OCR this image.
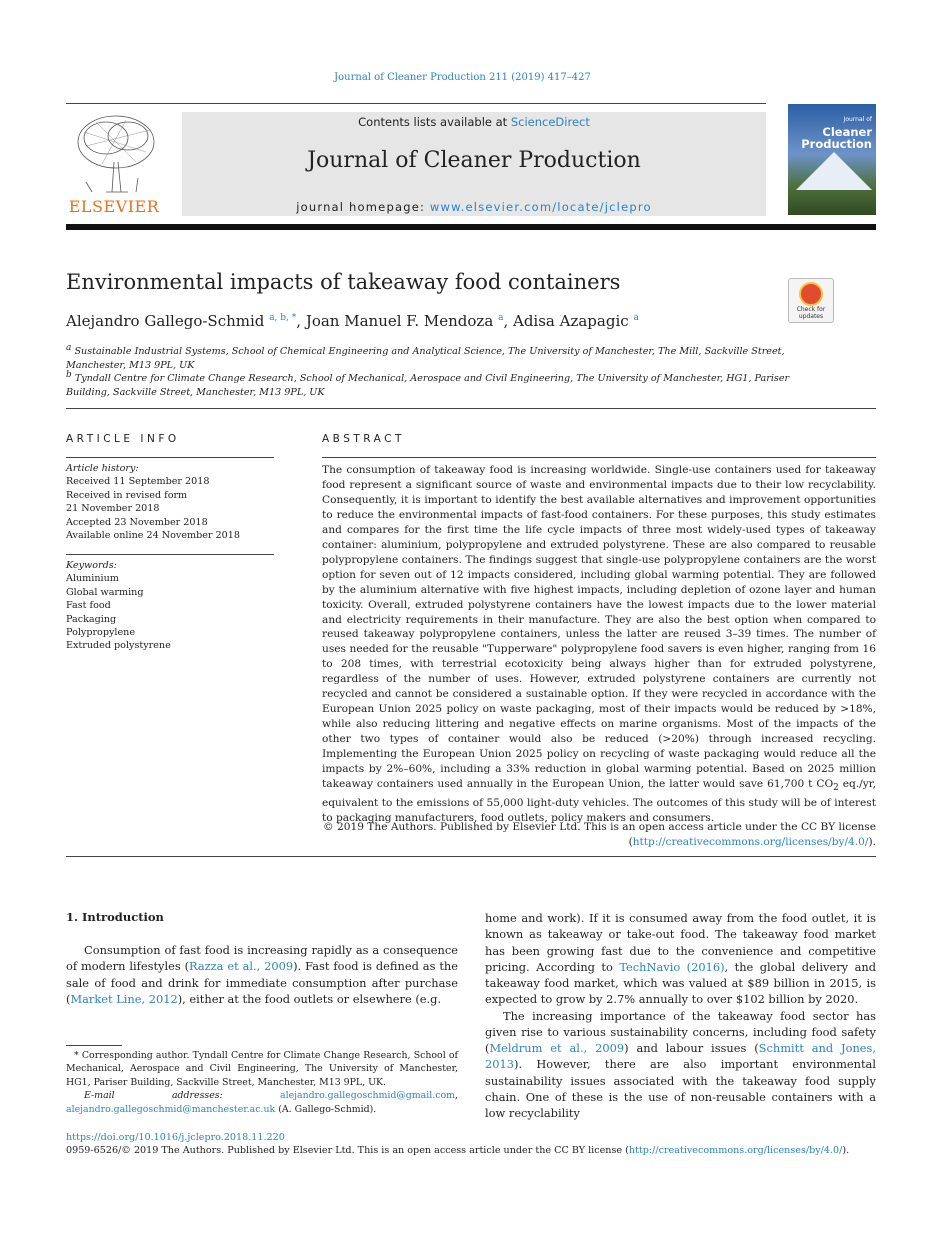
Journal of Cleaner Production 211 (2019) 417–427
ELSEVIER
Contents lists available at ScienceDirect
Journal of Cleaner Production
journal homepage: www.elsevier.com/locate/jclepro
Journal of
Cleaner
Production
Environmental impacts of takeaway food containers
Check for
updates
Alejandro Gallego-Schmid $^{a, b, *}$, Joan Manuel F. Mendoza $^a$, Adisa Azapagic $^a$
$^a$ Sustainable Industrial Systems, School of Chemical Engineering and Analytical Science, The University of Manchester, The Mill, Sackville Street, Manchester, M13 9PL, UK
$^b$ Tyndall Centre for Climate Change Research, School of Mechanical, Aerospace and Civil Engineering, The University of Manchester, HG1, Pariser Building, Sackville Street, Manchester, M13 9PL, UK
ARTICLE INFO
Article history:
Received 11 September 2018
Received in revised form
21 November 2018
Accepted 23 November 2018
Available online 24 November 2018
Keywords:
Aluminium
Global warming
Fast food
Packaging
Polypropylene
Extruded polystyrene
ABSTRACT
The consumption of takeaway food is increasing worldwide. Single-use containers used for takeaway food represent a significant source of waste and environmental impacts due to their low recyclability. Consequently, it is important to identify the best available alternatives and improvement opportunities to reduce the environmental impacts of fast-food containers. For these purposes, this study estimates and compares for the first time the life cycle impacts of three most widely-used types of takeaway container: aluminium, polypropylene and extruded polystyrene. These are also compared to reusable polypropylene containers. The findings suggest that single-use polypropylene containers are the worst option for seven out of 12 impacts considered, including global warming potential. They are followed by the aluminium alternative with five highest impacts, including depletion of ozone layer and human toxicity. Overall, extruded polystyrene containers have the lowest impacts due to the lower material and electricity requirements in their manufacture. They are also the best option when compared to reused takeaway polypropylene containers, unless the latter are reused 3–39 times. The number of uses needed for the reusable "Tupperware" polypropylene food savers is even higher, ranging from 16 to 208 times, with terrestrial ecotoxicity being always higher than for extruded polystyrene, regardless of the number of uses. However, extruded polystyrene containers are currently not recycled and cannot be considered a sustainable option. If they were recycled in accordance with the European Union 2025 policy on waste packaging, most of their impacts would be reduced by >18%, while also reducing littering and negative effects on marine organisms. Most of the impacts of the other two types of container would also be reduced (>20%) through increased recycling. Implementing the European Union 2025 policy on recycling of waste packaging would reduce all the impacts by 2%–60%, including a 33% reduction in global warming potential. Based on 2025 million takeaway containers used annually in the European Union, the latter would save 61,700 t $CO_2$ eq./yr, equivalent to the emissions of 55,000 light-duty vehicles. The outcomes of this study will be of interest to packaging manufacturers, food outlets, policy makers and consumers.
© 2019 The Authors. Published by Elsevier Ltd. This is an open access article under the CC BY license
(http://creativecommons.org/licenses/by/4.0/).
1. Introduction

Consumption of fast food is increasing rapidly as a consequence of modern lifestyles (Razza et al., 2009). Fast food is defined as the sale of food and drink for immediate consumption after purchase (Market Line, 2012), either at the food outlets or elsewhere (e.g.

home and work). If it is consumed away from the food outlet, it is known as takeaway or take-out food. The takeaway food market has been growing fast due to the convenience and competitive pricing. According to TechNavio (2016), the global delivery and takeaway food market, which was valued at $89 billion in 2015, is expected to grow by 2.7% annually to over $102 billion by 2020.

The increasing importance of the takeaway food sector has given rise to various sustainability concerns, including food safety (Meldrum et al., 2009) and labour issues (Schmitt and Jones, 2013). However, there are also important environmental sustainability issues associated with the takeaway food supply chain. One of these is the use of non-reusable containers with a low recyclability

* Corresponding author. Tyndall Centre for Climate Change Research, School of Mechanical, Aerospace and Civil Engineering, The University of Manchester, HG1, Pariser Building, Sackville Street, Manchester, M13 9PL, UK.
E-mail addresses:	alejandro.gallegoschmid@gmail.com, alejandro.gallegoschmid@manchester.ac.uk (A. Gallego-Schmid).
https://doi.org/10.1016/j.jclepro.2018.11.220
0959-6526/© 2019 The Authors. Published by Elsevier Ltd. This is an open access article under the CC BY license (http://creativecommons.org/licenses/by/4.0/).
